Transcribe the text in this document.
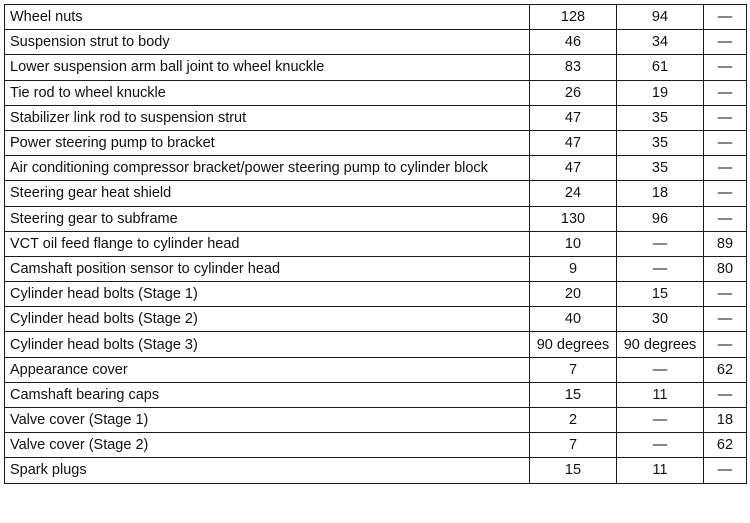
Wheel nuts	128	94	—
Suspension strut to body	46	34	—
Lower suspension arm ball joint to wheel knuckle	83	61	—
Tie rod to wheel knuckle	26	19	—
Stabilizer link rod to suspension strut	47	35	—
Power steering pump to bracket	47	35	—
Air conditioning compressor bracket/power steering pump to cylinder block	47	35	—
Steering gear heat shield	24	18	—
Steering gear to subframe	130	96	—
VCT oil feed flange to cylinder head	10	—	89
Camshaft position sensor to cylinder head	9	—	80
Cylinder head bolts (Stage 1)	20	15	—
Cylinder head bolts (Stage 2)	40	30	—
Cylinder head bolts (Stage 3)	90 degrees	90 degrees	—
Appearance cover	7	—	62
Camshaft bearing caps	15	11	—
Valve cover (Stage 1)	2	—	18
Valve cover (Stage 2)	7	—	62
Spark plugs	15	11	—
